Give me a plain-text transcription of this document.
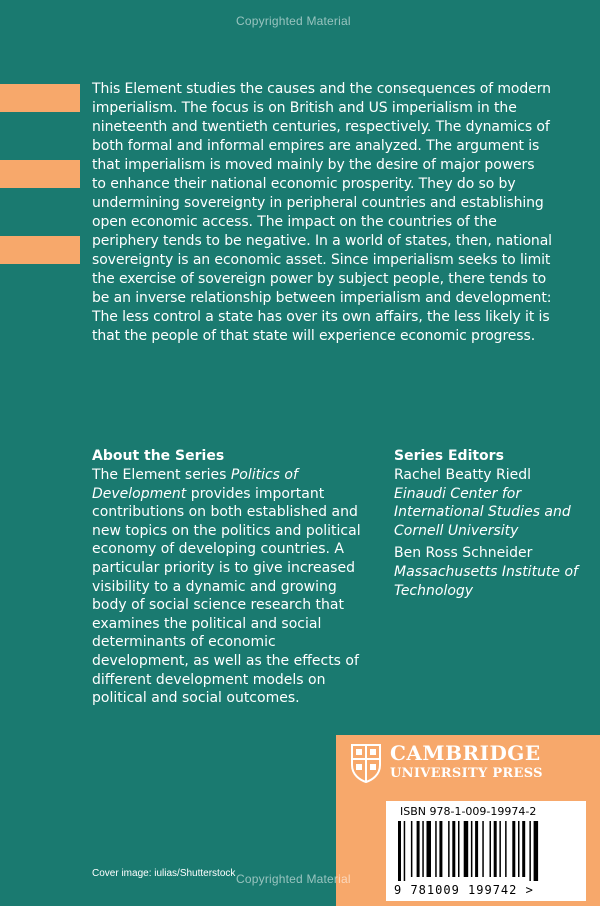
Copyrighted Material
This Element studies the causes and the consequences of modern imperialism. The focus is on British and US imperialism in the nineteenth and twentieth centuries, respectively. The dynamics of both formal and informal empires are analyzed. The argument is that imperialism is moved mainly by the desire of major powers to enhance their national economic prosperity. They do so by undermining sovereignty in peripheral countries and establishing open economic access. The impact on the countries of the periphery tends to be negative. In a world of states, then, national sovereignty is an economic asset. Since imperialism seeks to limit the exercise of sovereign power by subject people, there tends to be an inverse relationship between imperialism and development: The less control a state has over its own affairs, the less likely it is that the people of that state will experience economic progress.
About the Series
The Element series Politics of Development provides important contributions on both established and new topics on the politics and political economy of developing countries. A particular priority is to give increased visibility to a dynamic and growing body of social science research that examines the political and social determinants of economic development, as well as the effects of different development models on political and social outcomes.
Series Editors
Rachel Beatty Riedl
Einaudi Center for International Studies and Cornell University
Ben Ross Schneider
Massachusetts Institute of Technology
CAMBRIDGE
UNIVERSITY PRESS
ISBN 978-1-009-19974-2
9 781009 199742 >
Copyrighted Material
Cover image: iulias/Shutterstock
